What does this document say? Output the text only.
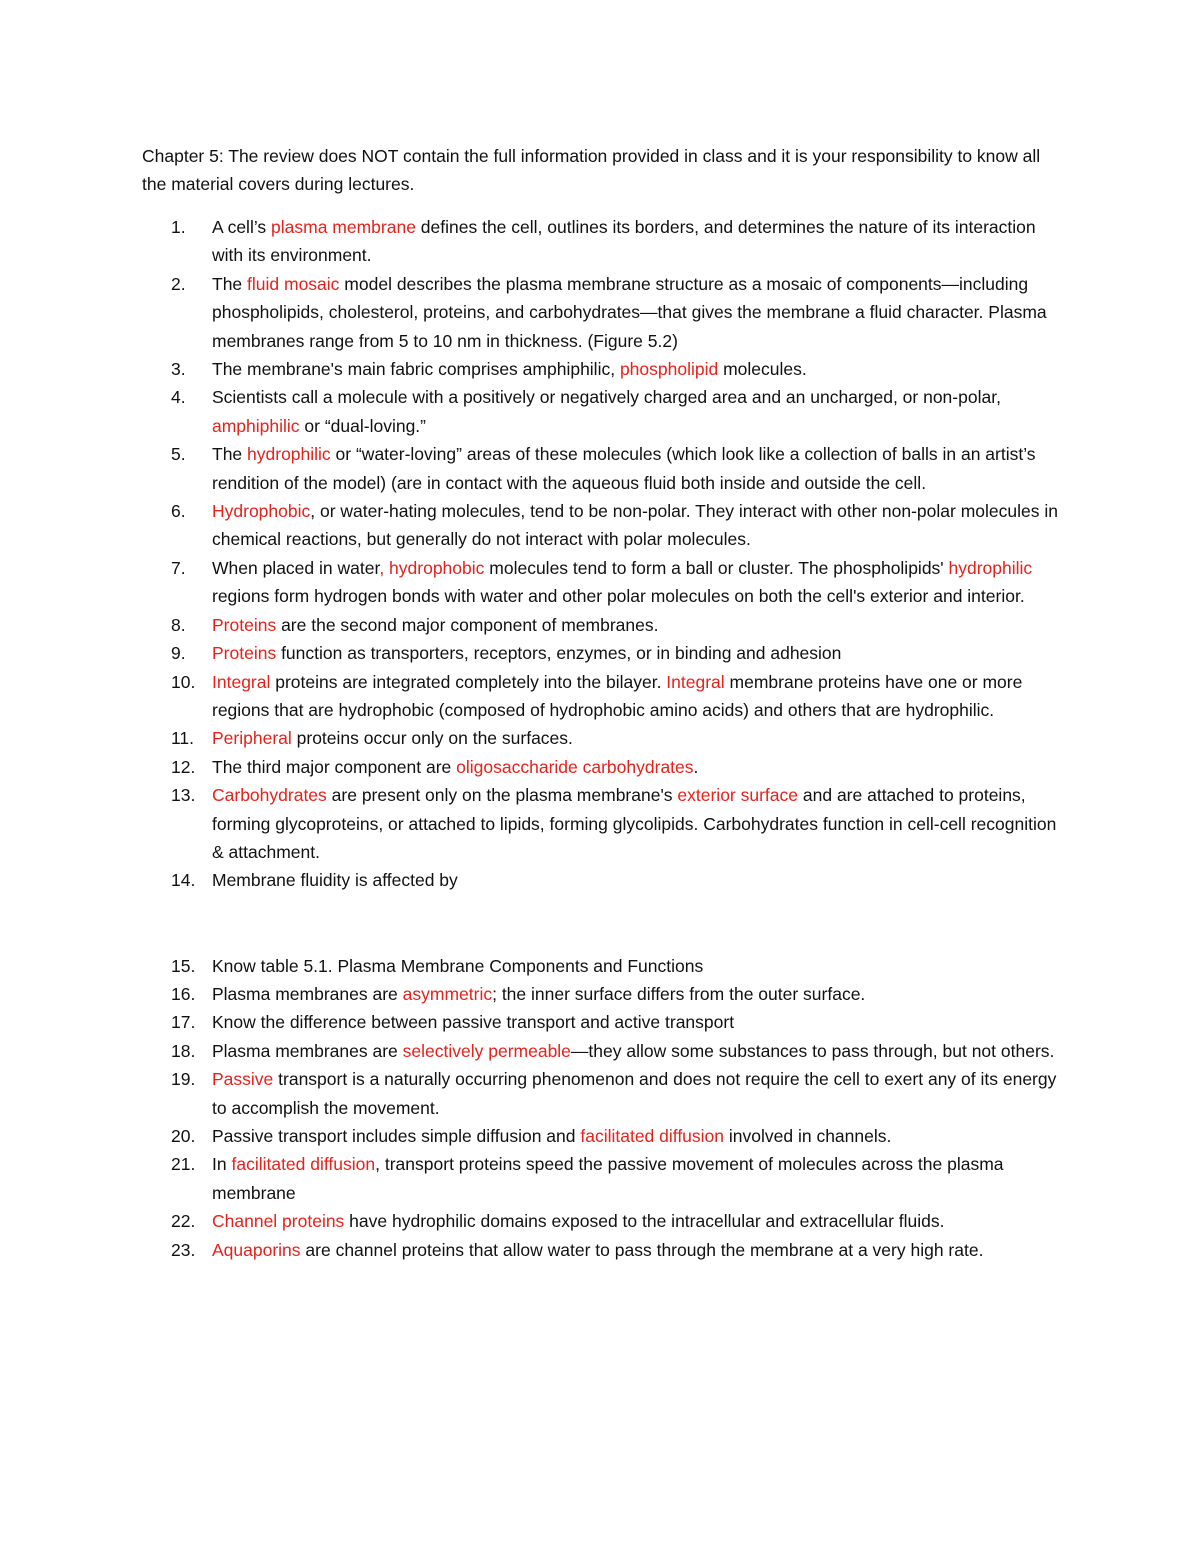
Chapter 5: The review does NOT contain the full information provided in class and it is your responsibility to know all the material covers during lectures.

1.	A cell’s plasma membrane defines the cell, outlines its borders, and determines the nature of its interaction with its environment.
2.	The fluid mosaic model describes the plasma membrane structure as a mosaic of components—including phospholipids, cholesterol, proteins, and carbohydrates—that gives the membrane a fluid character. Plasma membranes range from 5 to 10 nm in thickness. (Figure 5.2)
3.	The membrane's main fabric comprises amphiphilic, phospholipid molecules.
4.	Scientists call a molecule with a positively or negatively charged area and an uncharged, or non-polar, amphiphilic or “dual-loving.”
5.	The hydrophilic or “water-loving” areas of these molecules (which look like a collection of balls in an artist’s rendition of the model) (are in contact with the aqueous fluid both inside and outside the cell.
6.	Hydrophobic, or water-hating molecules, tend to be non-polar. They interact with other non-polar molecules in chemical reactions, but generally do not interact with polar molecules.
7.	When placed in water, hydrophobic molecules tend to form a ball or cluster. The phospholipids' hydrophilic regions form hydrogen bonds with water and other polar molecules on both the cell's exterior and interior.
8.	Proteins are the second major component of membranes.
9.	Proteins function as transporters, receptors, enzymes, or in binding and adhesion
10. Integral proteins are integrated completely into the bilayer. Integral membrane proteins have one or more regions that are hydrophobic (composed of hydrophobic amino acids) and others that are hydrophilic.
11.	Peripheral proteins occur only on the surfaces.
12. The third major component are oligosaccharide carbohydrates.
13. Carbohydrates are present only on the plasma membrane's exterior surface and are attached to proteins, forming glycoproteins, or attached to lipids, forming glycolipids. Carbohydrates function in cell-cell recognition & attachment.
14. Membrane fluidity is affected by
15. Know table 5.1. Plasma Membrane Components and Functions
16. Plasma membranes are asymmetric; the inner surface differs from the outer surface.
17. Know the difference between passive transport and active transport
18. Plasma membranes are selectively permeable—they allow some substances to pass through, but not others.
19. Passive transport is a naturally occurring phenomenon and does not require the cell to exert any of its energy to accomplish the movement.
20. Passive transport includes simple diffusion and facilitated diffusion involved in channels.
21. In facilitated diffusion, transport proteins speed the passive movement of molecules across the plasma membrane
22. Channel proteins have hydrophilic domains exposed to the intracellular and extracellular fluids.
23. Aquaporins are channel proteins that allow water to pass through the membrane at a very high rate.
